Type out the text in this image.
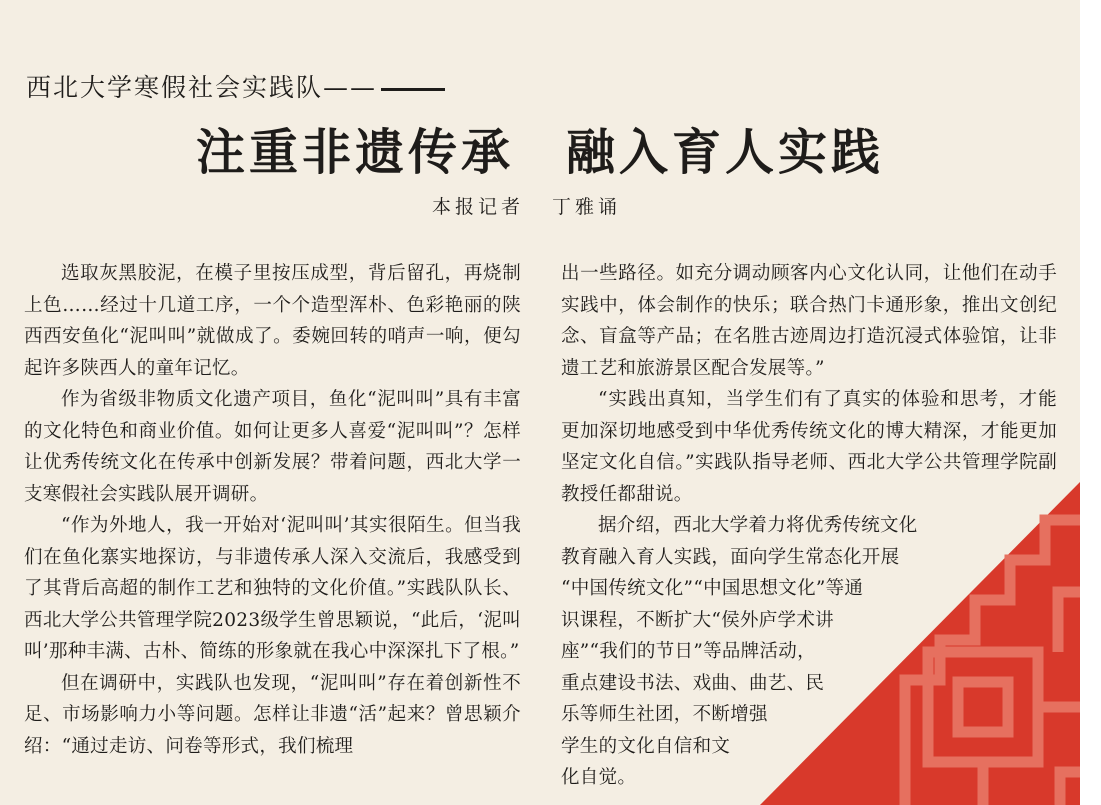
西北大学寒假社会实践队——

注重非遗传承 融入育人实践

本报记者 丁雅诵

选取灰黑胶泥，在模子里按压成型，背后留孔，再烧制上色……经过十几道工序，一个个造型浑朴、色彩艳丽的陕西西安鱼化“泥叫叫”就做成了。委婉回转的哨声一响，便勾起许多陕西人的童年记忆。

作为省级非物质文化遗产项目，鱼化“泥叫叫”具有丰富的文化特色和商业价值。如何让更多人喜爱“泥叫叫”？怎样让优秀传统文化在传承中创新发展？带着问题，西北大学一支寒假社会实践队展开调研。

“作为外地人，我一开始对‘泥叫叫’其实很陌生。但当我们在鱼化寨实地探访，与非遗传承人深入交流后，我感受到了其背后高超的制作工艺和独特的文化价值。”实践队队长、西北大学公共管理学院2023级学生曾思颖说，“此后，‘泥叫叫’那种丰满、古朴、简练的形象就在我心中深深扎下了根。”

但在调研中，实践队也发现，“泥叫叫”存在着创新性不足、市场影响力小等问题。怎样让非遗“活”起来？曾思颖介绍：“通过走访、问卷等形式，我们梳理

出一些路径。如充分调动顾客内心文化认同，让他们在动手实践中，体会制作的快乐；联合热门卡通形象，推出文创纪念、盲盒等产品；在名胜古迹周边打造沉浸式体验馆，让非遗工艺和旅游景区配合发展等。”

“实践出真知，当学生们有了真实的体验和思考，才能更加深切地感受到中华优秀传统文化的博大精深，才能更加坚定文化自信。”实践队指导老师、西北大学公共管理学院副教授任都甜说。

据介绍，西北大学着力将优秀传统文化
教育融入育人实践，面向学生常态化开展
“中国传统文化”“中国思想文化”等通
识课程，不断扩大“侯外庐学术讲
座”“我们的节日”等品牌活动，
重点建设书法、戏曲、曲艺、民
乐等师生社团，不断增强
学生的文化自信和文
化自觉。
